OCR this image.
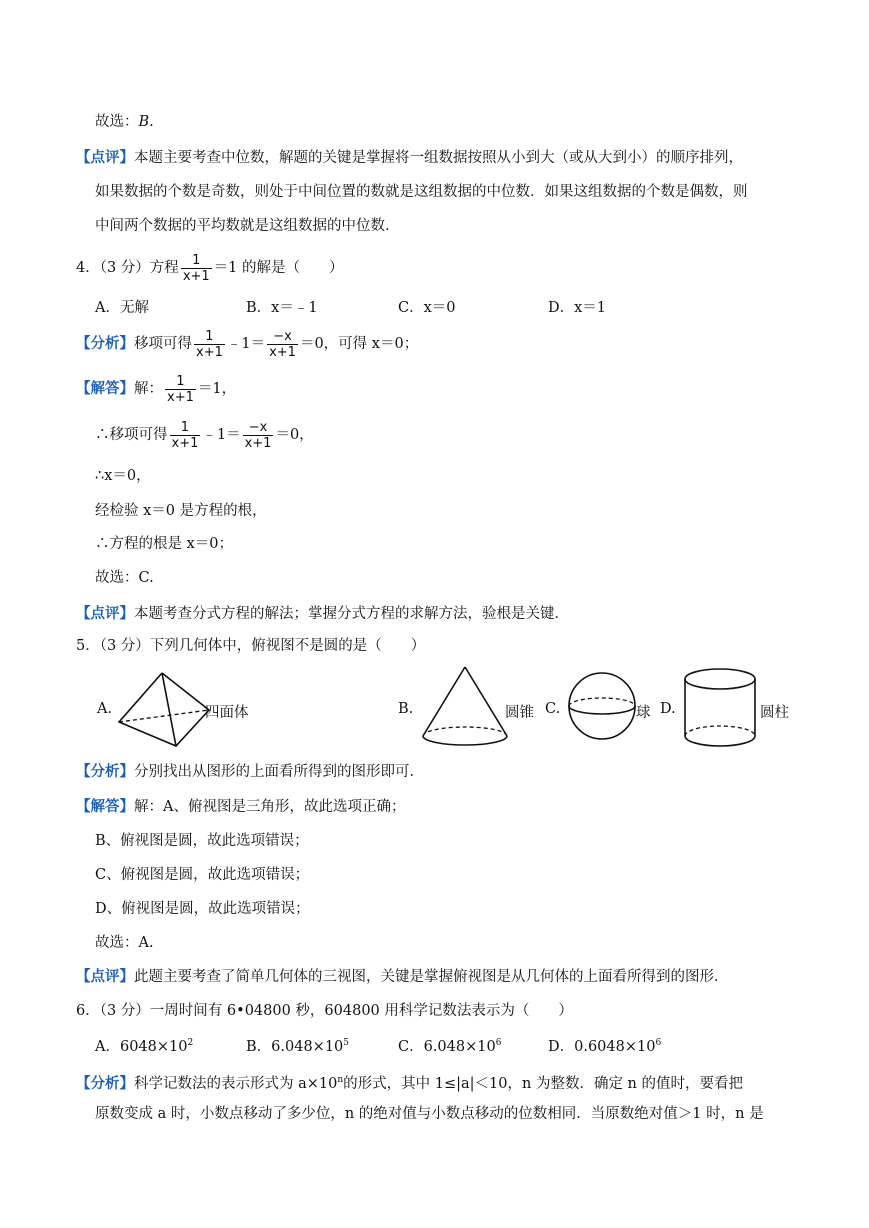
故选：B.
【点评】本题主要考查中位数，解题的关键是掌握将一组数据按照从小到大（或从大到小）的顺序排列，
如果数据的个数是奇数，则处于中间位置的数就是这组数据的中位数．如果这组数据的个数是偶数，则
中间两个数据的平均数就是这组数据的中位数．
4．（3 分）方程 $\frac{1}{x+1} =1$ 的解是（　　）
A．无解	B．x＝﹣1	C．x＝0	D．x＝1
【分析】移项可得 $\frac{1}{x+1}$ ﹣1＝ $\frac{-x}{x+1} =0$，可得 x＝0；
【解答】解： $\frac{1}{x+1} =1$，
∴移项可得 $\frac{1}{x+1}$ ﹣1＝ $\frac{-x}{x+1} =0$，
∴x＝0，
经检验 x＝0 是方程的根，
∴方程的根是 x＝0；
故选：C.
【点评】本题考查分式方程的解法；掌握分式方程的求解方法，验根是关键．
5．（3 分）下列几何体中，俯视图不是圆的是（　　）
A.	四面体	B.	圆锥 C.	球 D.	圆柱
【分析】分别找出从图形的上面看所得到的图形即可．
【解答】解：A、俯视图是三角形，故此选项正确；
B、俯视图是圆，故此选项错误；
C、俯视图是圆，故此选项错误；
D、俯视图是圆，故此选项错误；
故选：A.
【点评】此题主要考查了简单几何体的三视图，关键是掌握俯视图是从几何体的上面看所得到的图形．
6．（3 分）一周时间有 6•04800 秒，604800 用科学记数法表示为（　　）
A．$6048\times 10^2$	B．$6.048\times 10^5$	C．$6.048\times 10^6$	D．$0.6048\times 10^6$
【分析】科学记数法的表示形式为 $a\times 10^n$的形式，其中 1≤|a|＜10，n 为整数．确定 n 的值时，要看把
原数变成 a 时，小数点移动了多少位，n 的绝对值与小数点移动的位数相同．当原数绝对值＞1 时，n 是
